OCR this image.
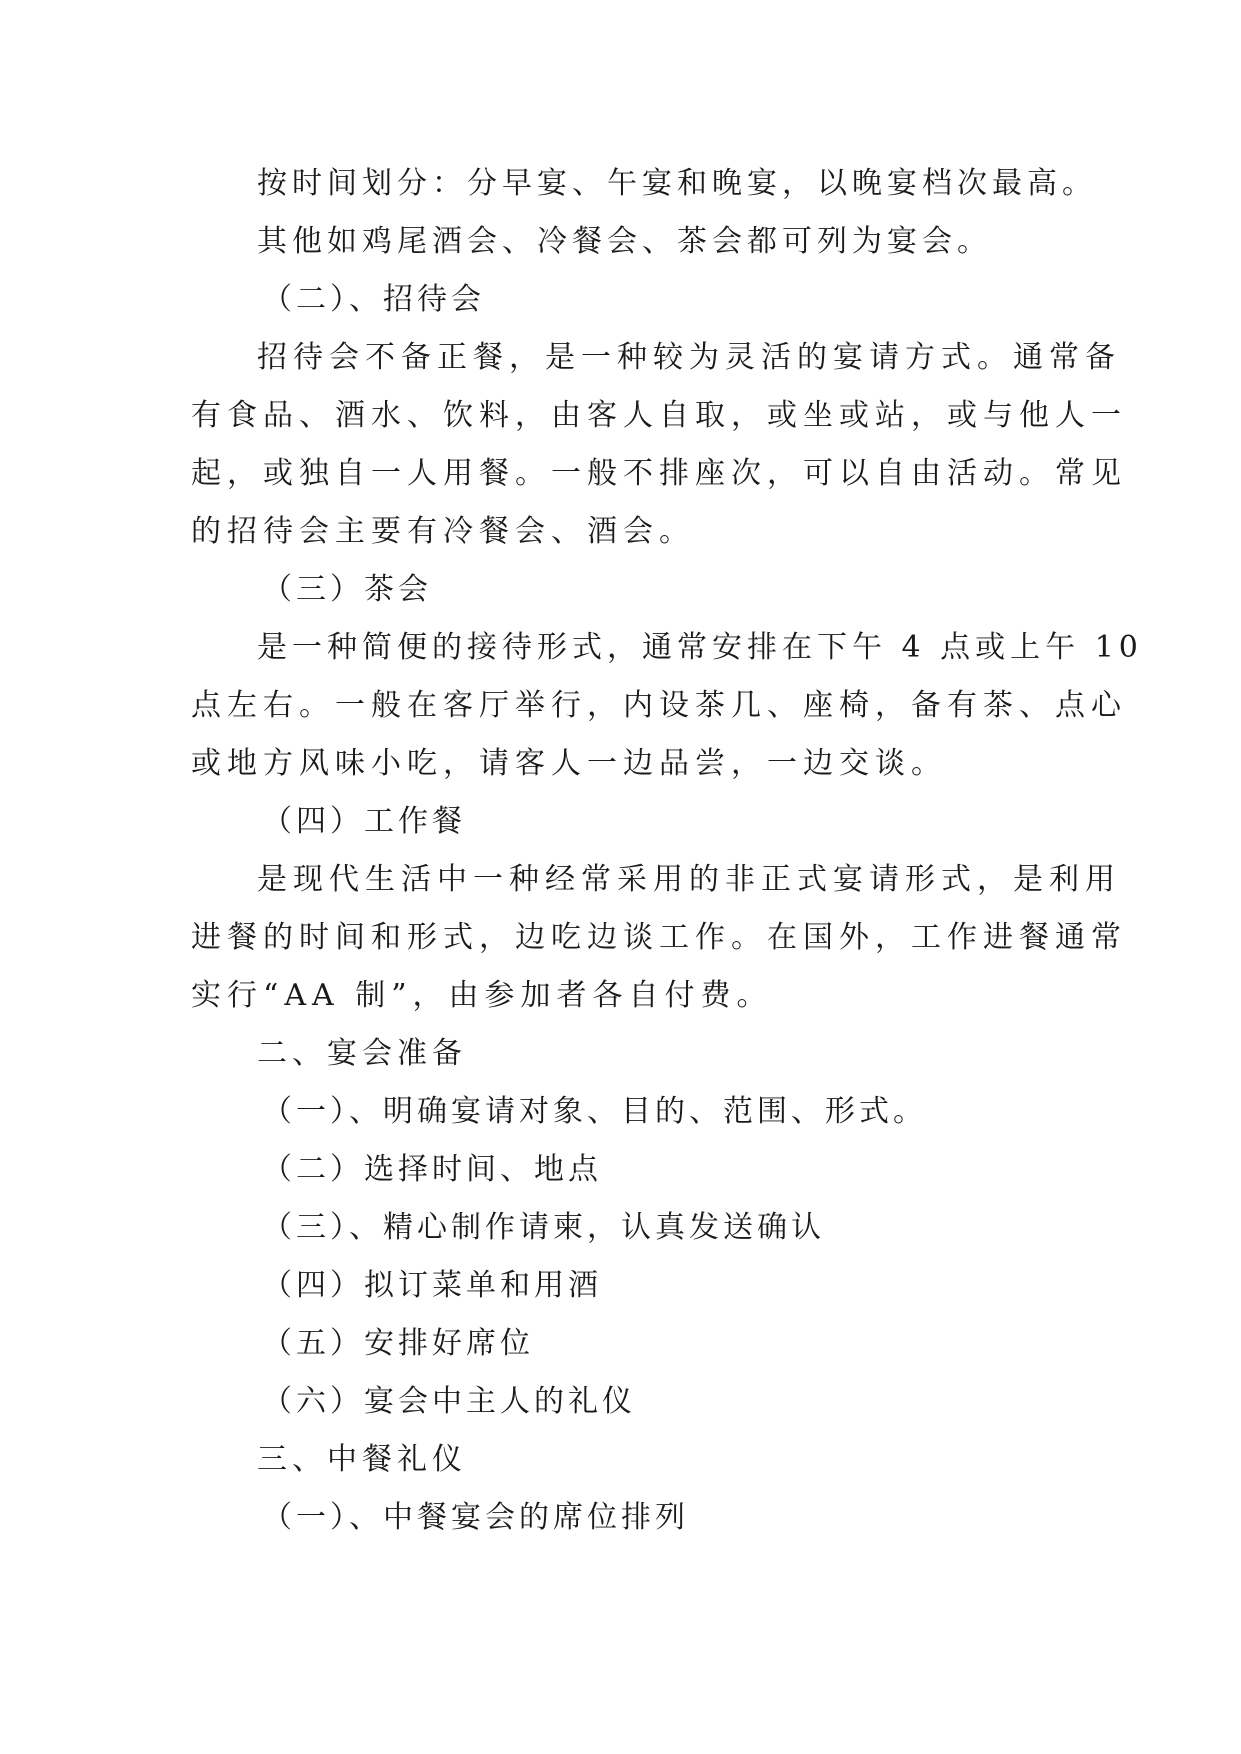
按时间划分：分早宴、午宴和晚宴，以晚宴档次最高。

其他如鸡尾酒会、冷餐会、茶会都可列为宴会。

（二）、招待会

招待会不备正餐，是一种较为灵活的宴请方式。通常备

有食品、酒水、饮料，由客人自取，或坐或站，或与他人一

起，或独自一人用餐。一般不排座次，可以自由活动。常见

的招待会主要有冷餐会、酒会。

（三）茶会

是一种简便的接待形式，通常安排在下午 4 点或上午 10

点左右。一般在客厅举行，内设茶几、座椅，备有茶、点心

或地方风味小吃，请客人一边品尝，一边交谈。

（四）工作餐

是现代生活中一种经常采用的非正式宴请形式，是利用

进餐的时间和形式，边吃边谈工作。在国外，工作进餐通常

实行“AA 制”，由参加者各自付费。

二、宴会准备

（一）、明确宴请对象、目的、范围、形式。

（二）选择时间、地点

（三）、精心制作请柬，认真发送确认

（四）拟订菜单和用酒

（五）安排好席位

（六）宴会中主人的礼仪

三、中餐礼仪

（一）、中餐宴会的席位排列
